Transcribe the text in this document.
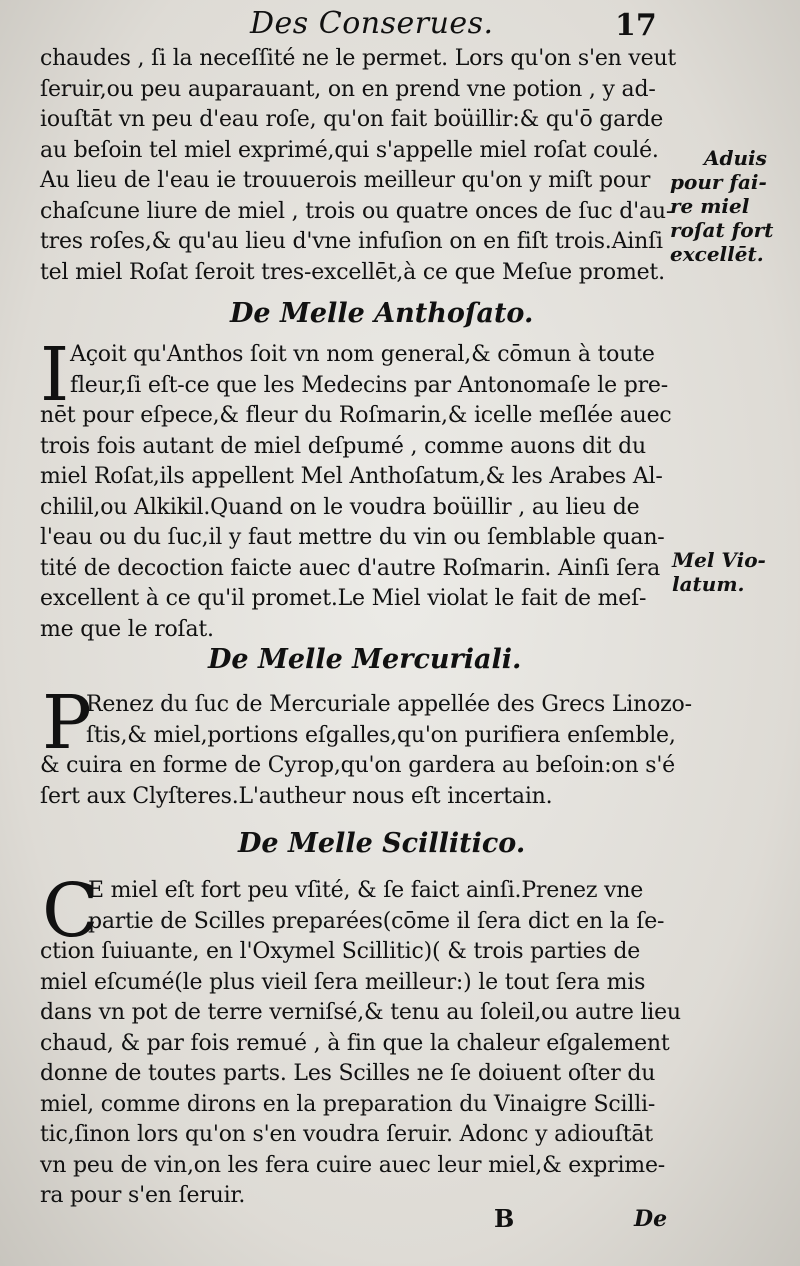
Des Conserues.	17
chaudes , ſi la neceſſité ne le permet. Lors qu'on s'en veut
ſeruir,ou peu auparauant, on en prend vne potion , y ad-
iouſtāt vn peu d'eau roſe, qu'on fait boüillir:& qu'ō garde
au beſoin tel miel exprimé,qui s'appelle miel roſat coulé.
Au lieu de l'eau ie trouuerois meilleur qu'on y miſt pour
chaſcune liure de miel , trois ou quatre onces de ſuc d'au-
tres roſes,& qu'au lieu d'vne infuſion on en fiſt trois.Ainſi
tel miel Roſat ſeroit tres-excellēt,à ce que Meſue promet.
Aduis
pour fai-
re miel
roſat fort
excellēt.
De Melle Anthoſato.
I Açoit qu'Anthos ſoit vn nom general,& cōmun à toute
fleur,ſi eſt-ce que les Medecins par Antonomaſe le pre-
nēt pour eſpece,& fleur du Roſmarin,& icelle meſlée auec
trois fois autant de miel deſpumé , comme auons dit du
miel Roſat,ils appellent Mel Anthoſatum,& les Arabes Al-
chilil,ou Alkikil.Quand on le voudra boüillir , au lieu de
l'eau ou du ſuc,il y faut mettre du vin ou ſemblable quan-
tité de decoction faicte auec d'autre Roſmarin. Ainſi ſera
excellent à ce qu'il promet.Le Miel violat le fait de meſ-
me que le roſat.
Mel Vio-
latum.
De Melle Mercuriali.
P
Renez du ſuc de Mercuriale appellée des Grecs Linozo-
ſtis,& miel,portions eſgalles,qu'on purifiera enſemble,
& cuira en forme de Cyrop,qu'on gardera au beſoin:on s'é
ſert aux Clyſteres.L'autheur nous eſt incertain.
De Melle Scillitico.
C
E miel eſt fort peu vſité, & ſe faict ainſi.Prenez vne
partie de Scilles preparées(cōme il ſera dict en la ſe-
ction ſuiuante, en l'Oxymel Scillitic)( & trois parties de
miel eſcumé(le plus vieil ſera meilleur:) le tout ſera mis
dans vn pot de terre verniſsé,& tenu au ſoleil,ou autre lieu
chaud, & par fois remué , à fin que la chaleur eſgalement
donne de toutes parts. Les Scilles ne ſe doiuent oſter du
miel, comme dirons en la preparation du Vinaigre Scilli-
tic,ſinon lors qu'on s'en voudra ſeruir. Adonc y adiouſtāt
vn peu de vin,on les fera cuire auec leur miel,& exprime-
ra pour s'en ſeruir.
B	De
